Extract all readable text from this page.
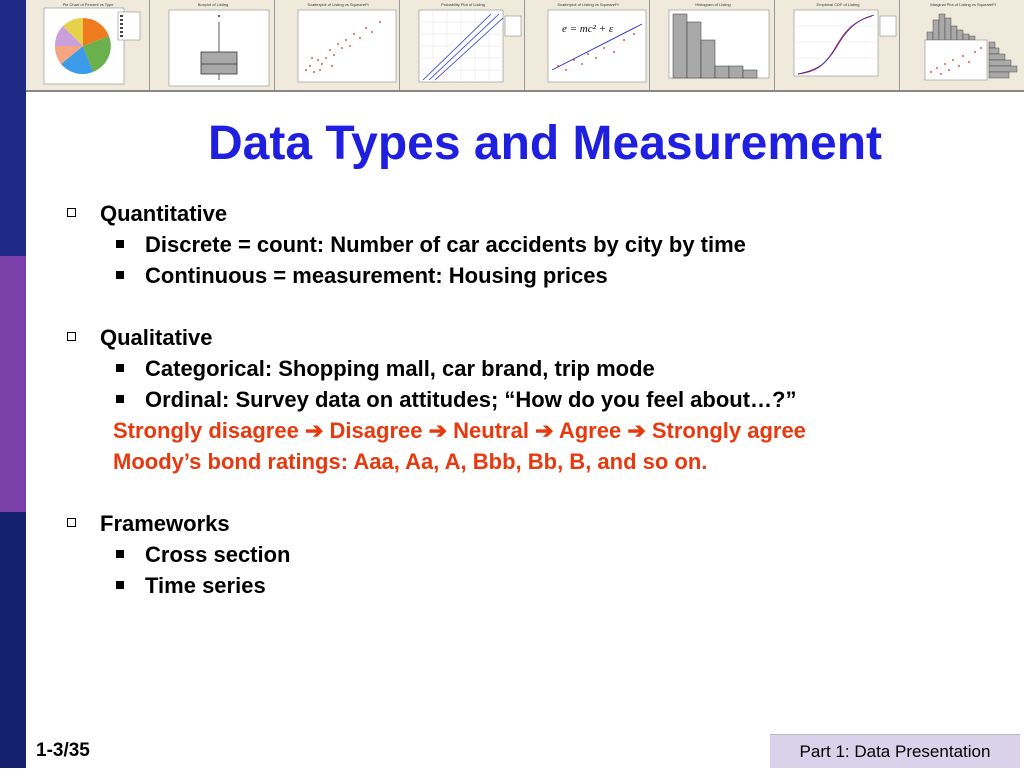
Pie Chart of Percent vs Type	Boxplot of Listing	Scatterplot of Listing vs SqueareFt	Probability Plot of Listing	Scatterplot of Listing vs SqueareFt
e = mc² + ε
Histogram of Listing	Empirical CDF of Listing	Marginal Plot of Listing vs SqueareFt
Data Types and Measurement
Quantitative
Discrete = count: Number of car accidents by city by time
Continuous = measurement: Housing prices
Qualitative
Categorical: Shopping mall, car brand, trip mode
Ordinal: Survey data on attitudes; “How do you feel about…?”
Strongly disagree ➔ Disagree ➔ Neutral ➔ Agree ➔ Strongly agree
Moody’s bond ratings: Aaa, Aa, A, Bbb, Bb, B, and so on.
Frameworks
Cross section
Time series
1-3/35	Part 1: Data Presentation
